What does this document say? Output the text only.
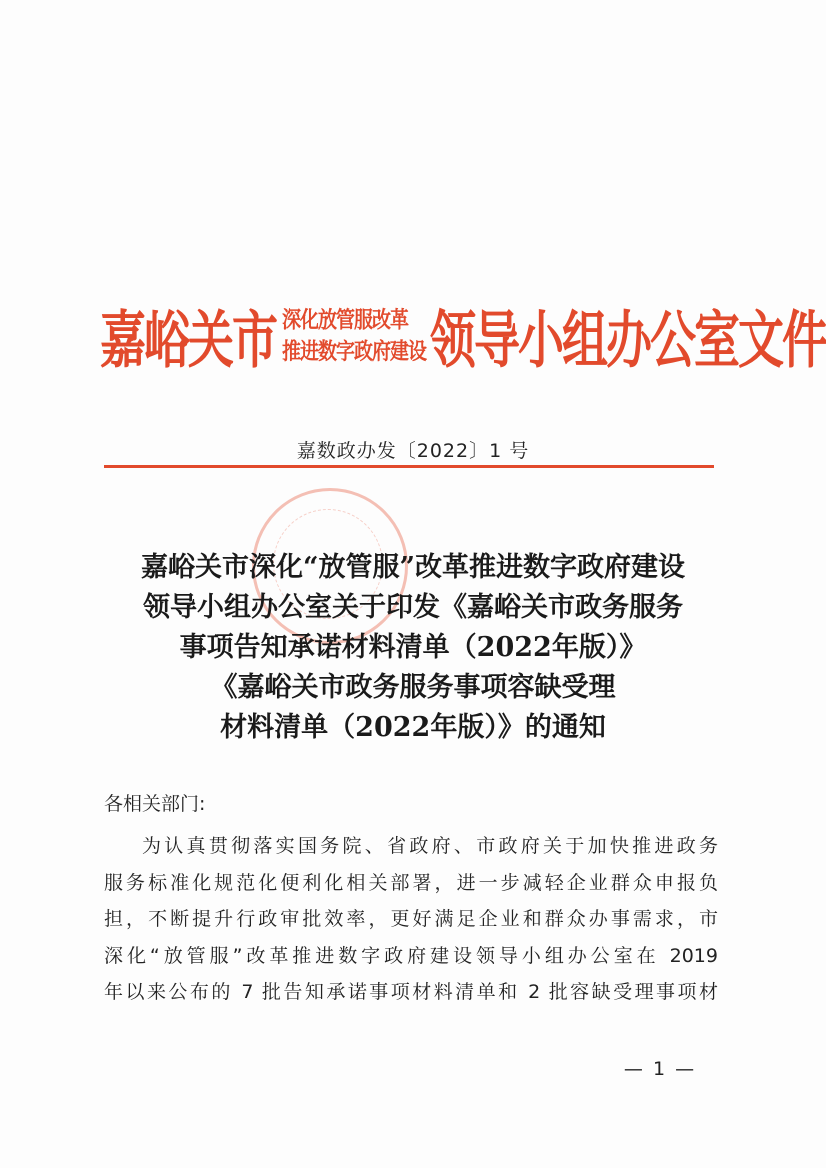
嘉峪关市 深化放管服改革
推进数字政府建设 领导小组办公室文件
嘉数政办发〔2022〕1 号
嘉峪关市深化“放管服”改革推进数字政府建设
领导小组办公室关于印发《嘉峪关市政务服务
事项告知承诺材料清单（2022年版）》
《嘉峪关市政务服务事项容缺受理
材料清单（2022年版）》的通知
各相关部门:
为认真贯彻落实国务院、省政府、市政府关于加快推进政务
服务标准化规范化便利化相关部署，进一步减轻企业群众申报负
担，不断提升行政审批效率，更好满足企业和群众办事需求，市
深化“放管服”改革推进数字政府建设领导小组办公室在 2019
年以来公布的 7 批告知承诺事项材料清单和 2 批容缺受理事项材
— 1 —
